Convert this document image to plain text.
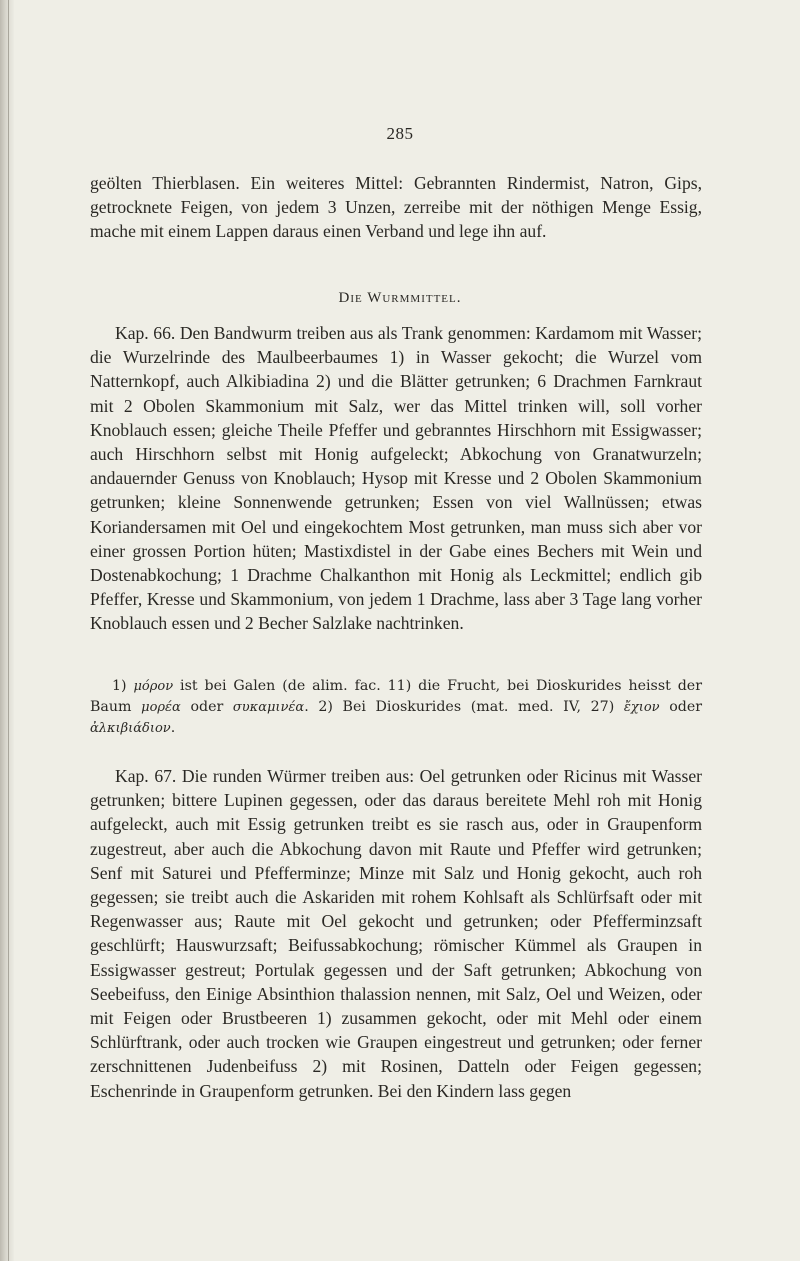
285

geölten Thierblasen. Ein weiteres Mittel: Gebrannten Rindermist, Natron, Gips, getrocknete Feigen, von jedem 3 Unzen, zerreibe mit der nöthigen Menge Essig, mache mit einem Lappen daraus einen Verband und lege ihn auf.

Die Wurmmittel.

Kap. 66. Den Bandwurm treiben aus als Trank genommen: Kardamom mit Wasser; die Wurzelrinde des Maulbeerbaumes 1) in Wasser gekocht; die Wurzel vom Natternkopf, auch Alkibiadina 2) und die Blätter getrunken; 6 Drachmen Farnkraut mit 2 Obolen Skammonium mit Salz, wer das Mittel trinken will, soll vorher Knoblauch essen; gleiche Theile Pfeffer und gebranntes Hirschhorn mit Essigwasser; auch Hirschhorn selbst mit Honig aufgeleckt; Abkochung von Granatwurzeln; andauernder Genuss von Knoblauch; Hysop mit Kresse und 2 Obolen Skammonium getrunken; kleine Sonnenwende getrunken; Essen von viel Wallnüssen; etwas Koriandersamen mit Oel und eingekochtem Most getrunken, man muss sich aber vor einer grossen Portion hüten; Mastixdistel in der Gabe eines Bechers mit Wein und Dostenabkochung; 1 Drachme Chalkanthon mit Honig als Leckmittel; endlich gib Pfeffer, Kresse und Skammonium, von jedem 1 Drachme, lass aber 3 Tage lang vorher Knoblauch essen und 2 Becher Salzlake nachtrinken.

1) μόρον ist bei Galen (de alim. fac. 11) die Frucht, bei Dioskurides heisst der Baum μορέα oder συκαμινέα. 2) Bei Dioskurides (mat. med. IV, 27) ἔχιον oder ἀλκιβιάδιον.

Kap. 67. Die runden Würmer treiben aus: Oel getrunken oder Ricinus mit Wasser getrunken; bittere Lupinen gegessen, oder das daraus bereitete Mehl roh mit Honig aufgeleckt, auch mit Essig getrunken treibt es sie rasch aus, oder in Graupenform zugestreut, aber auch die Abkochung davon mit Raute und Pfeffer wird getrunken; Senf mit Saturei und Pfefferminze; Minze mit Salz und Honig gekocht, auch roh gegessen; sie treibt auch die Askariden mit rohem Kohlsaft als Schlürfsaft oder mit Regenwasser aus; Raute mit Oel gekocht und getrunken; oder Pfefferminzsaft geschlürft; Hauswurzsaft; Beifussabkochung; römischer Kümmel als Graupen in Essigwasser gestreut; Portulak gegessen und der Saft getrunken; Abkochung von Seebeifuss, den Einige Absinthion thalassion nennen, mit Salz, Oel und Weizen, oder mit Feigen oder Brustbeeren 1) zusammen gekocht, oder mit Mehl oder einem Schlürftrank, oder auch trocken wie Graupen eingestreut und getrunken; oder ferner zerschnittenen Judenbeifuss 2) mit Rosinen, Datteln oder Feigen gegessen; Eschenrinde in Graupenform getrunken. Bei den Kindern lass gegen
